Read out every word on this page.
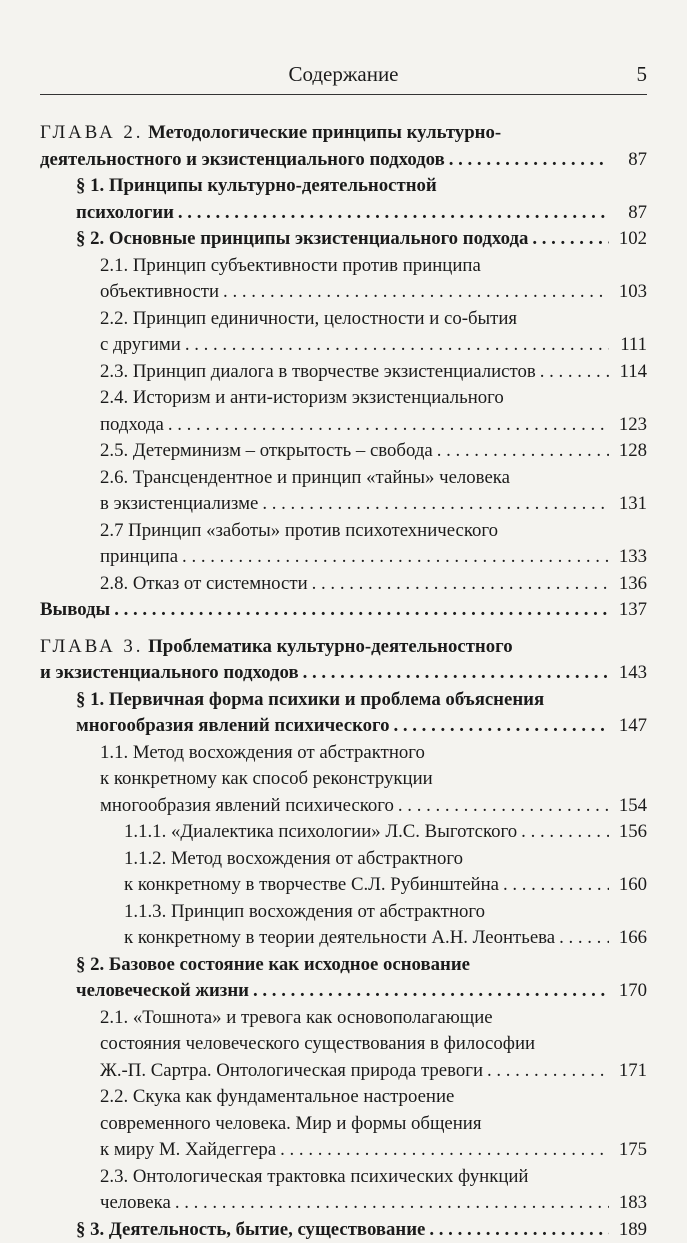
Содержание	5
ГЛАВА 2. Методологические принципы культурно-
деятельностного и экзистенциального подходов . . .	87
§ 1. Принципы культурно-деятельностной
психологии . . .	87
§ 2. Основные принципы экзистенциального подхода . . .	102
2.1. Принцип субъективности против принципа
объективности . . .	103
2.2. Принцип единичности, целостности и со-бытия
с другими . . .	111
2.3. Принцип диалога в творчестве экзистенциалистов . . .	114
2.4. Историзм и анти-историзм экзистенциального
подхода . . .	123
2.5. Детерминизм – открытость – свобода . . .	128
2.6. Трансцендентное и принцип «тайны» человека
в экзистенциализме . . .	131
2.7 Принцип «заботы» против психотехнического
принципа . . .	133
2.8. Отказ от системности . . .	136
Выводы . . .	137
ГЛАВА 3. Проблематика культурно-деятельностного
и экзистенциального подходов . . .	143
§ 1. Первичная форма психики и проблема объяснения
многообразия явлений психического . . .	147
1.1. Метод восхождения от абстрактного
к конкретному как способ реконструкции
многообразия явлений психического . . .	154
1.1.1. «Диалектика психологии» Л.С. Выготского . . .	156
1.1.2. Метод восхождения от абстрактного
к конкретному в творчестве С.Л. Рубинштейна . . .	160
1.1.3. Принцип восхождения от абстрактного
к конкретному в теории деятельности А.Н. Леонтьева . . .	166
§ 2. Базовое состояние как исходное основание
человеческой жизни . . .	170
2.1. «Тошнота» и тревога как основополагающие
состояния человеческого существования в философии
Ж.-П. Сартра. Онтологическая природа тревоги . . .	171
2.2. Скука как фундаментальное настроение
современного человека. Мир и формы общения
к миру М. Хайдеггера . . .	175
2.3. Онтологическая трактовка психических функций
человека . . .	183
§ 3. Деятельность, бытие, существование . . .	189
